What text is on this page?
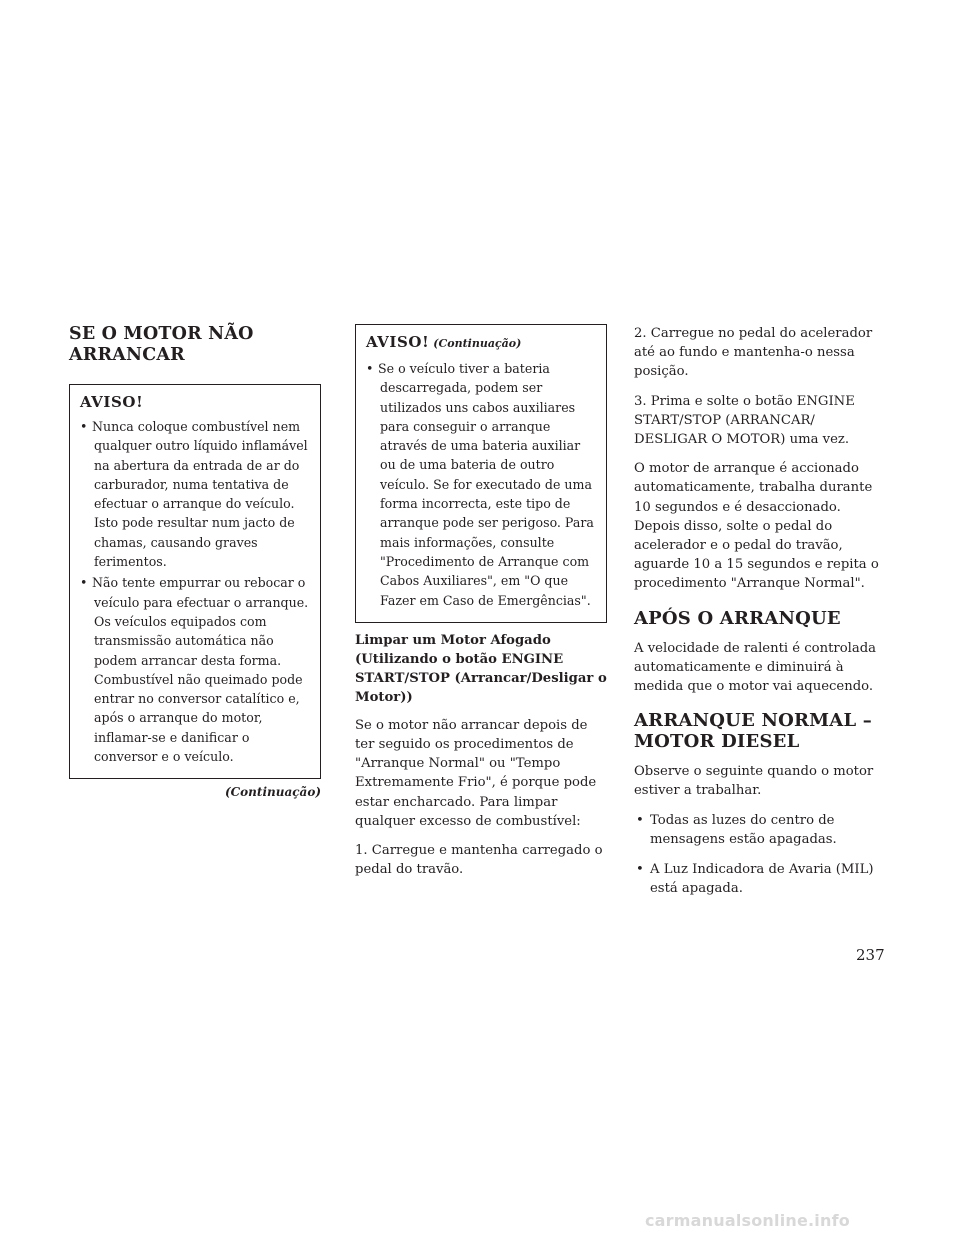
SE O MOTOR NÃO ARRANCAR
AVISO!
• Nunca coloque combustível nem qualquer outro líquido inflamável na abertura da entrada de ar do carburador, numa tentativa de efectuar o arranque do veículo. Isto pode resultar num jacto de chamas, causando graves ferimentos.
• Não tente empurrar ou rebocar o veículo para efectuar o arranque. Os veículos equipados com transmissão automática não podem arrancar desta forma. Combustível não queimado pode entrar no conversor catalítico e, após o arranque do motor, inflamar-se e danificar o conversor e o veículo.
(Continuação)
AVISO! (Continuação)
• Se o veículo tiver a bateria descarregada, podem ser utilizados uns cabos auxiliares para conseguir o arranque através de uma bateria auxiliar ou de uma bateria de outro veículo. Se for executado de uma forma incorrecta, este tipo de arranque pode ser perigoso. Para mais informações, consulte "Procedimento de Arranque com Cabos Auxiliares", em "O que Fazer em Caso de Emergências".
Limpar um Motor Afogado (Utilizando o botão ENGINE START/STOP (Arrancar/Desligar o Motor))

Se o motor não arrancar depois de ter seguido os procedimentos de "Arranque Normal" ou "Tempo Extremamente Frio", é porque pode estar encharcado. Para limpar qualquer excesso de combustível:

1. Carregue e mantenha carregado o pedal do travão.

2. Carregue no pedal do acelerador até ao fundo e mantenha-o nessa posição.

3. Prima e solte o botão ENGINE START/STOP (ARRANCAR/ DESLIGAR O MOTOR) uma vez.

O motor de arranque é accionado automaticamente, trabalha durante 10 segundos e é desaccionado. Depois disso, solte o pedal do acelerador e o pedal do travão, aguarde 10 a 15 segundos e repita o procedimento "Arranque Normal".

APÓS O ARRANQUE

A velocidade de ralenti é controlada automaticamente e diminuirá à medida que o motor vai aquecendo.

ARRANQUE NORMAL – MOTOR DIESEL

Observe o seguinte quando o motor estiver a trabalhar.

• Todas as luzes do centro de mensagens estão apagadas.
• A Luz Indicadora de Avaria (MIL) está apagada.
237
carmanualsonline.info
